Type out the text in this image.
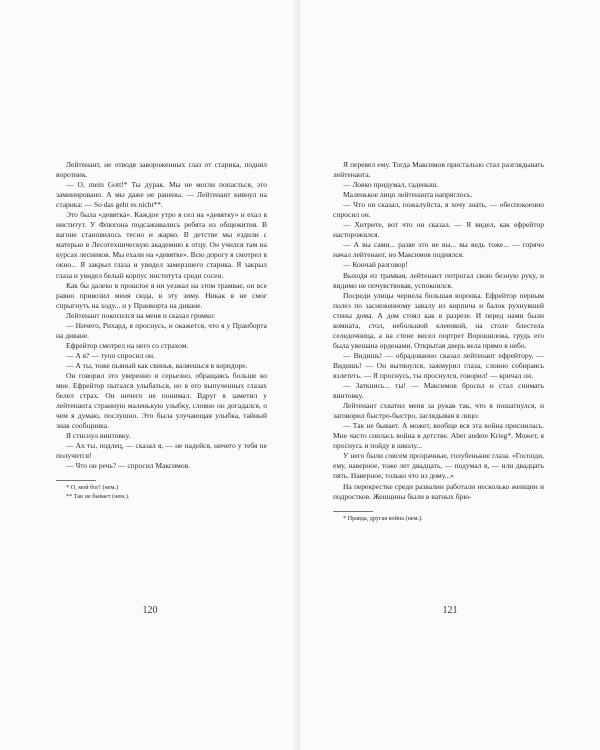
Лейтенант, не отводя завороженных глаз от старика, поднял воротник.

— О, mein Gott!* Ты дурак. Мы не могли попасться, это заминировано. А мы даже не ранены. — Лейтенант кивнул на старика: — So das geht es nicht**.

Это была «девятка». Каждое утро я сел на «девятку» и ехал в институт. У Флюгона подсаживались ребята из общежития. В вагоне становилось тесно и жарко. В детстве мы ездили с матерью в Лесотехническую академию к отцу. Он учился там на курсах лесников. Мы ехали на «девятке». Всю дорогу я смотрел в окно... Я закрыл глаза и увидел замерзшего старика. Я закрыл глаза и увидел белый корпус института среди сосен.

Как бы далеко в прошлое я ни уезжал на этом трамвае, он все равно привозил меня сюда, в эту зиму. Никак я не смог спрыгнуть на ходу... и у Пранкорта на диване.

Лейтенант покосился на меня и сказал громко:

— Ничего, Рихард, я проснусь, и окажется, что я у Пранборта на диване.

Ефрейтор смотрел на него со страхом.

— А я? — тупо спросил он.

— А ты, тоже пьяный как свинья, валяешься в коридоре.

Он говорил это уверенно и серьезно, обращаясь больше ко мне. Ефрейтор пытался улыбаться, но в его выпученных глазах белел страх. Он ничего не понимал. Вдруг я заметил у лейтенанта странную маленькую улыбку, словно он догадался, о чем я думаю, послушно. Это была улучающая улыбка, тайный знак сообщника.

Я стиснул винтовку.

— Ах ты, подлец, — сказал я, — не надейся, ничего у тебя не получится!

— Что он речь? — спросил Максимов.

* О, мой бог! (нем.)

** Так не бывает (нем.).

120

Я перевел ему. Тогда Максимов пристально стал разглядывать лейтенанта.

— Ловко придумал, гаденыш.

Маленькое лицо лейтенанта напряглось.

— Что он сказал, пожалуйста, я хочу знать, — обеспокоенно спросил он.

— Хитрите, вот что он сказал. — Я видел, как ефрейтор насторожился.

— А вы сами... разве это не вы... вы ведь тоже... — горячо начал лейтенант, но Максимов поднялся.

— Кончай разговор!

Выходя из трамвая, лейтенант потрогал свою безную руку, и видимо не почувствовав, успокоился.

Посреди улицы чернела большая воронка. Ефрейтор первым полез по заснеженному завалу из кирпича и балок рухнувшей стены дома. А дом стоял как в разрезе. И перед нами были комната, стол, небольшой клеенкой, на столе блестела селедочница, а на стене висел портрет Ворошилова, грудь его была увешана орденами. Открытая дверь вела прямо в небо.

— Видишь! — обрадованно сказал лейтенант ефрейтору. — Видишь! — Он вытянулся, зажмурил глаза, словно собираясь взлететь. — Я проснусь, ты проснулся, говорил! — кричал он.

— Заткнись... ты! — Максимов бросил и стал снимать винтовку.

Лейтенант схватил меня за рукав так, что я пошатнулся, и заговорил быстро-быстро, заглядывая в лицо:

— Так не бывает. А может, вообще вся эта война приснилась. Мне часто снилась война в детстве. Aber andere Krieg*. Может, я проснусь и пойду в школу...

У него были совсем прозрачные, голубенькие глаза. «Господи, ему, наверное, тоже лет двадцать, — подумал я, — или двадцать пять. Наверное, только что из дому...»

На перекрестке среди развалин работали несколько женщин и подростков. Женщины были в ватных брю-

* Правда, другая война (нем.).

121
